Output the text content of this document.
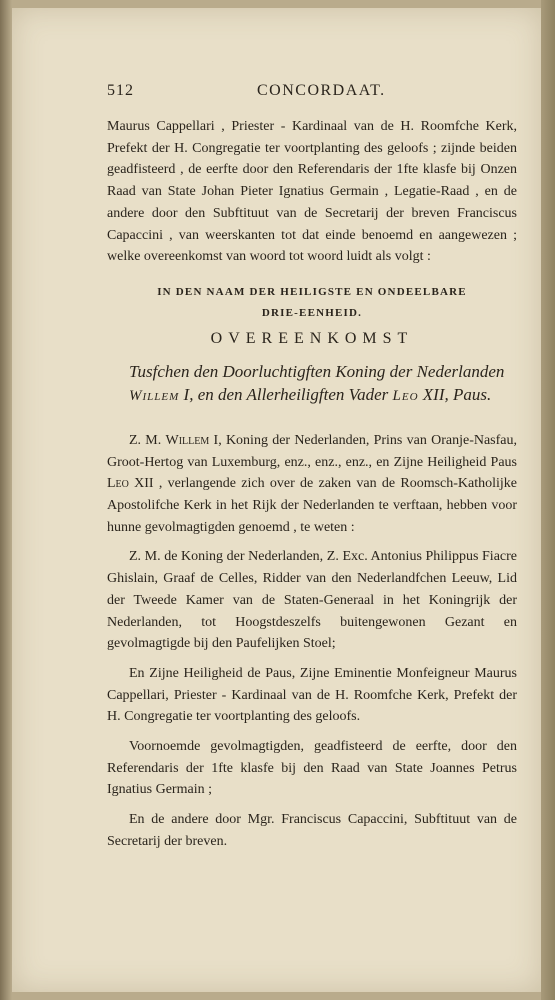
512	CONCORDAAT.

Maurus Cappellari , Priester - Kardinaal van de H. Roomfche Kerk, Prefekt der H. Congregatie ter voortplanting des geloofs ; zijnde beiden geadfisteerd , de eerfte door den Referendaris der 1fte klasfe bij Onzen Raad van State Johan Pieter Ignatius Germain , Legatie-Raad , en de andere door den Subftituut van de Secretarij der breven Franciscus Capaccini , van weerskanten tot dat einde benoemd en aangewezen ; welke overeenkomst van woord tot woord luidt als volgt :

IN DEN NAAM DER HEILIGSTE EN ONDEELBARE
DRIE-EENHEID.
OVEREENKOMST
Tusfchen den Doorluchtigften Koning der Nederlanden Willem I, en den Allerheiligften Vader Leo XII, Paus.

Z. M. Willem I, Koning der Nederlanden, Prins van Oranje-Nasfau, Groot-Hertog van Luxemburg, enz., enz., enz., en Zijne Heiligheid Paus Leo XII , verlangende zich over de zaken van de Roomsch-Katholijke Apostolifche Kerk in het Rijk der Nederlanden te verftaan, hebben voor hunne gevolmagtigden genoemd , te weten :

Z. M. de Koning der Nederlanden, Z. Exc. Antonius Philippus Fiacre Ghislain, Graaf de Celles, Ridder van den Nederlandfchen Leeuw, Lid der Tweede Kamer van de Staten-Generaal in het Koningrijk der Nederlanden, tot Hoogstdeszelfs buitengewonen Gezant en gevolmagtigde bij den Paufelijken Stoel;

En Zijne Heiligheid de Paus, Zijne Eminentie Monfeigneur Maurus Cappellari, Priester - Kardinaal van de H. Roomfche Kerk, Prefekt der H. Congregatie ter voortplanting des geloofs.

Voornoemde gevolmagtigden, geadfisteerd de eerfte, door den Referendaris der 1fte klasfe bij den Raad van State Joannes Petrus Ignatius Germain ;

En de andere door Mgr. Franciscus Capaccini, Subftituut van de Secretarij der breven.
